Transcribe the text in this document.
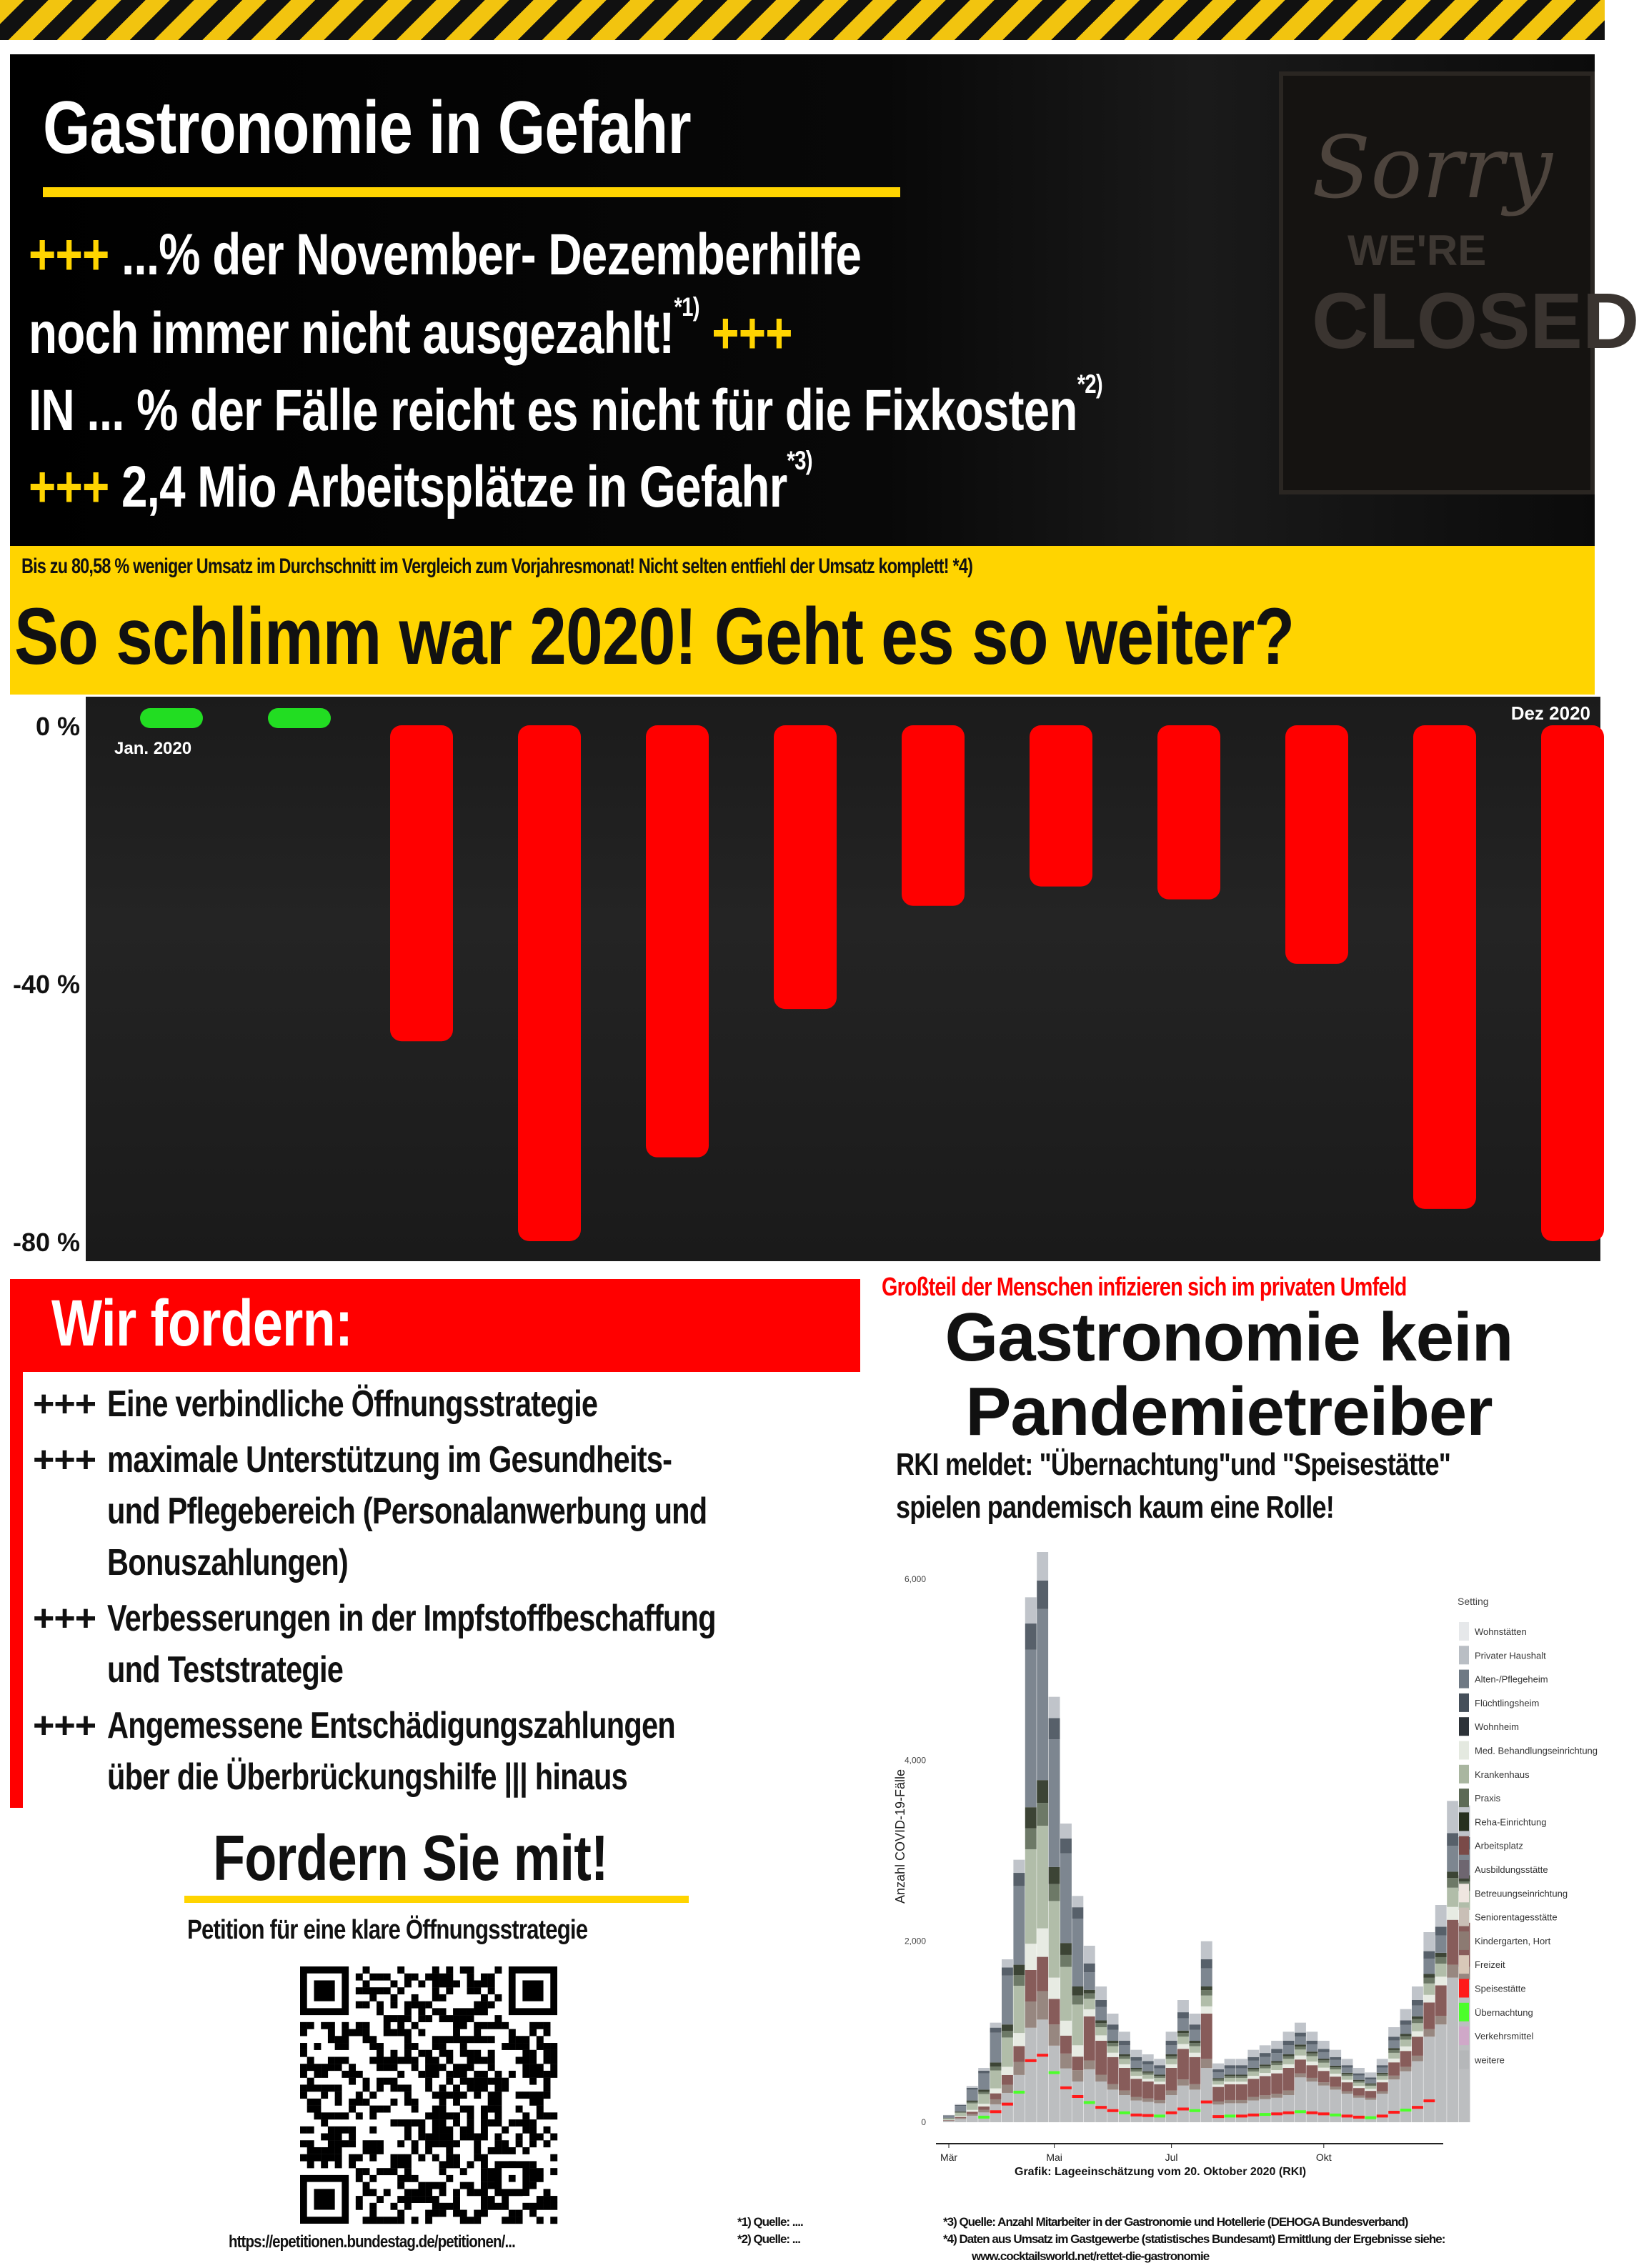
Sorry
WE'RE
CLOSED
Gastronomie in Gefahr
+++ ...% der November- Dezemberhilfe
noch immer nicht ausgezahlt!$^{*1)}$ +++
IN ... % der Fälle reicht es nicht für die Fixkosten$^{*2)}$
+++ 2,4 Mio Arbeitsplätze in Gefahr$^{*3)}$
Bis zu 80,58 % weniger Umsatz im Durchschnitt im Vergleich zum Vorjahresmonat! Nicht selten entfiehl der Umsatz komplett! *4)
So schlimm war 2020! Geht es so weiter?
0 %
-40 %
-80 %
Jan. 2020
Dez 2020
Wir fordern:
+++ Eine verbindliche Öffnungsstrategie
+++ maximale Unterstützung im Gesundheits-
und Pflegebereich (Personalanwerbung und
Bonuszahlungen)
+++ Verbesserungen in der Impfstoffbeschaffung
und Teststrategie
+++ Angemessene Entschädigungszahlungen
über die Überbrückungshilfe ||| hinaus
Fordern Sie mit!
Petition für eine klare Öffnungsstrategie
https://epetitionen.bundestag.de/petitionen/...
*1) Quelle: ....
*2) Quelle: ...
Großteil der Menschen infizieren sich im privaten Umfeld
Gastronomie kein
Pandemietreiber
RKI meldet: "Übernachtung"und "Speisestätte"
spielen pandemisch kaum eine Rolle!
Anzahl COVID-19-Fälle
0
2,000
4,000
6,000
Mär	Mai	Jul	Okt
Setting
Wohnstätten
Privater Haushalt
Alten-/Pflegeheim
Flüchtlingsheim
Wohnheim
Med. Behandlungseinrichtung
Krankenhaus
Praxis
Reha-Einrichtung
Arbeitsplatz
Ausbildungsstätte
Betreuungseinrichtung
Seniorentagesstätte
Kindergarten, Hort
Freizeit
Speisestätte
Übernachtung
Verkehrsmittel
weitere
Grafik: Lageeinschätzung vom 20. Oktober 2020 (RKI)
*3) Quelle: Anzahl Mitarbeiter in der Gastronomie und Hotellerie (DEHOGA Bundesverband)
*4) Daten aus Umsatz im Gastgewerbe (statistisches Bundesamt) Ermittlung der Ergebnisse siehe:
www.cocktailsworld.net/rettet-die-gastronomie
